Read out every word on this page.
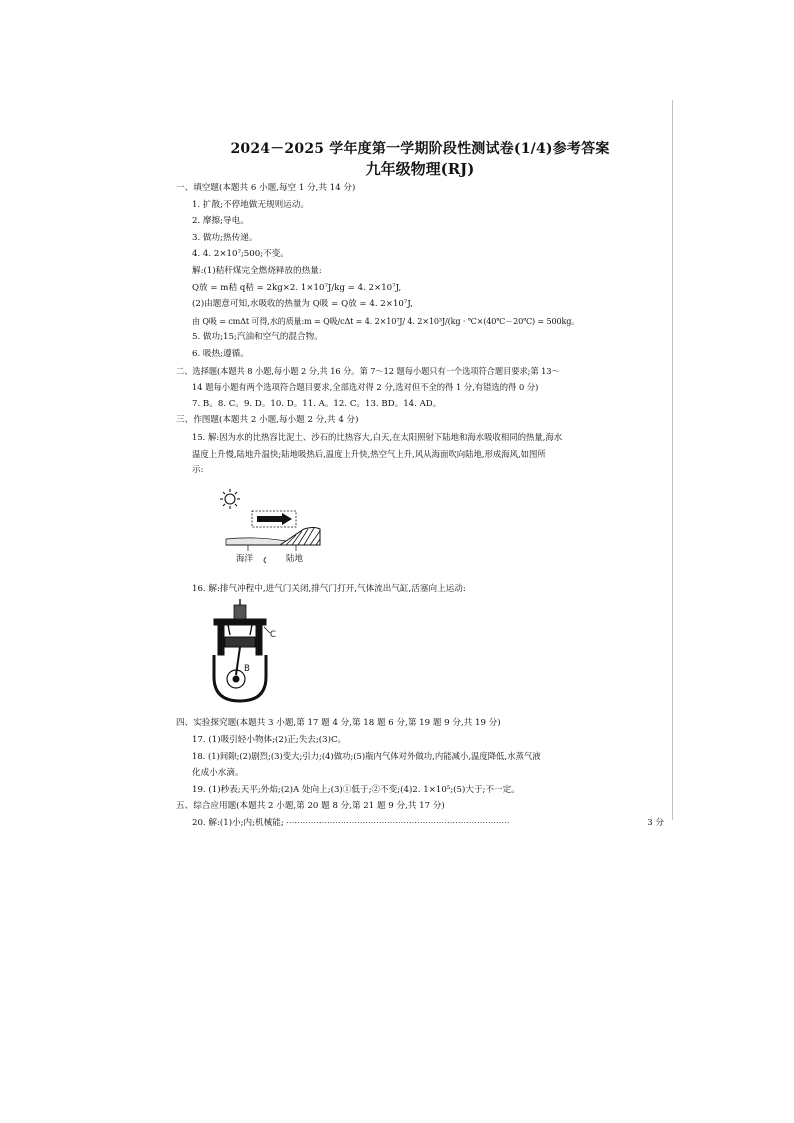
2024－2025 学年度第一学期阶段性测试卷(1/4)参考答案
九年级物理(RJ)
一、填空题(本题共 6 小题,每空 1 分,共 14 分)
1. 扩散;不停地做无规则运动。
2. 摩擦;导电。
3. 做功;热传递。
4. 4. 2×10⁷;500;不变。
解:(1)秸秆煤完全燃烧释放的热量:
Q放 = m秸 q秸 = 2kg×2. 1×10⁷J/kg = 4. 2×10⁷J,
(2)由题意可知,水吸收的热量为 Q吸 = Q放 = 4. 2×10⁷J,
由 Q吸 = cmΔt 可得,水的质量:m = Q吸/cΔt = 4. 2×10⁷J/ 4. 2×10³J/(kg · ℃×(40℃－20℃) = 500kg。
5. 做功;15;汽油和空气的混合物。
6. 吸热;遵循。
二、选择题(本题共 8 小题,每小题 2 分,共 16 分。第 7～12 题每小题只有一个选项符合题目要求;第 13～
14 题每小题有两个选项符合题目要求,全部选对得 2 分,选对但不全的得 1 分,有错选的得 0 分)
7. B。8. C。9. D。10. D。11. A。12. C。13. BD。14. AD。
三、作图题(本题共 2 小题,每小题 2 分,共 4 分)
15. 解:因为水的比热容比泥土、沙石的比热容大,白天,在太阳照射下陆地和海水吸收相同的热量,海水
温度上升慢,陆地升温快;陆地吸热后,温度上升快,热空气上升,风从海面吹向陆地,形成海风,如图所
示:
海洋	陆地
16. 解:排气冲程中,进气门关闭,排气门打开,气体流出气缸,活塞向上运动:
C
B
四、实验探究题(本题共 3 小题,第 17 题 4 分,第 18 题 6 分,第 19 题 9 分,共 19 分)
17. (1)吸引轻小物体;(2)正;失去;(3)C。
18. (1)间隙;(2)剧烈;(3)变大;引力;(4)做功;(5)瓶内气体对外做功,内能减小,温度降低,水蒸气液
化成小水滴。
19. (1)秒表;天平;外焰;(2)A 处向上;(3)①低于;②不变;(4)2. 1×10⁵;(5)大于;不一定。
五、综合应用题(本题共 2 小题,第 20 题 8 分,第 21 题 9 分,共 17 分)
20. 解:(1)小;内;机械能; ··················································································	3 分
